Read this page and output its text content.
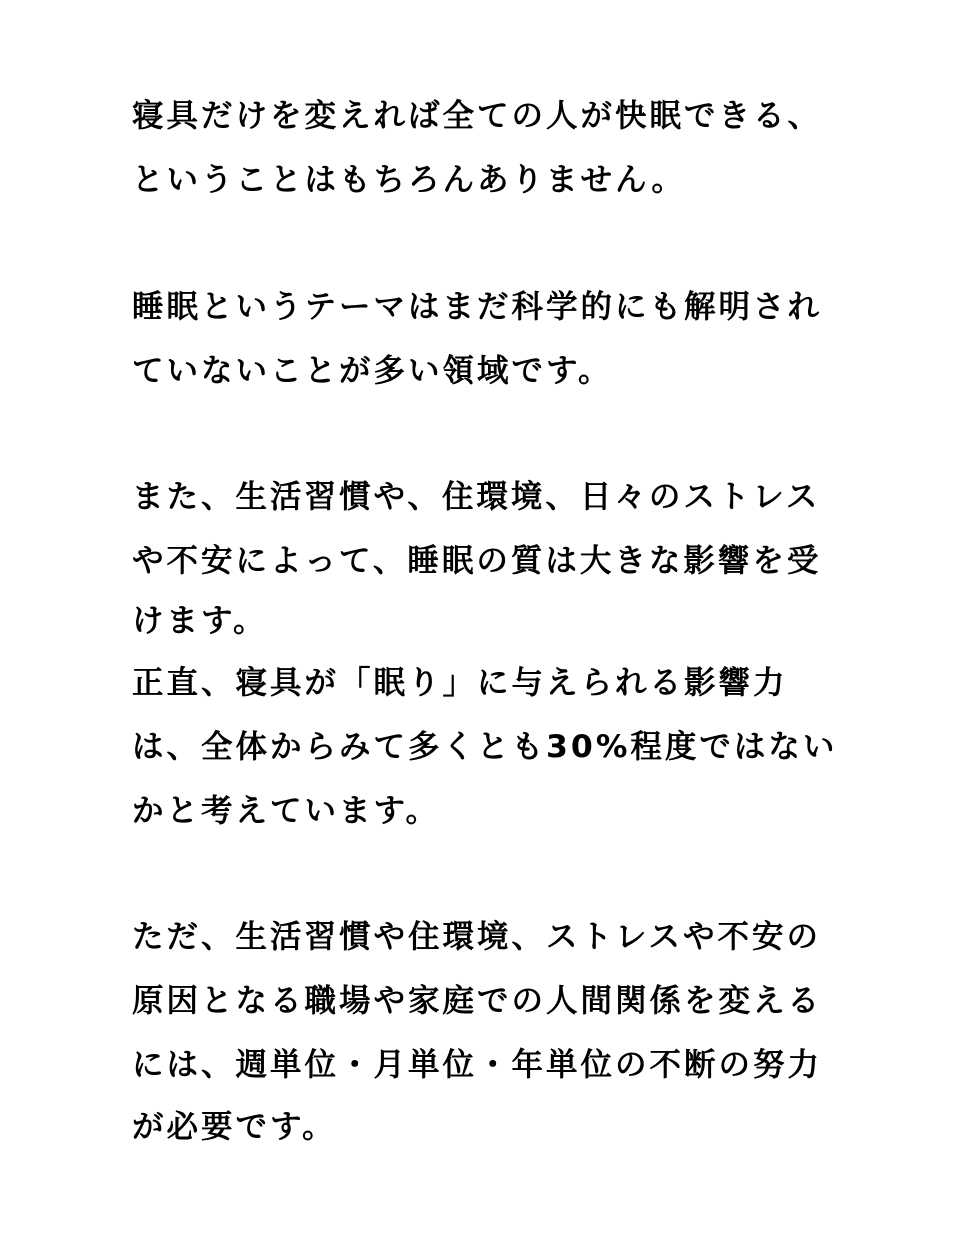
寝具だけを変えれば全ての人が快眠できる、
ということはもちろんありません。
睡眠というテーマはまだ科学的にも解明され
ていないことが多い領域です。
また、生活習慣や、住環境、日々のストレス
や不安によって、睡眠の質は大きな影響を受
けます。
正直、寝具が「眠り」に与えられる影響力
は、全体からみて多くとも30%程度ではない
かと考えています。
ただ、生活習慣や住環境、ストレスや不安の
原因となる職場や家庭での人間関係を変える
には、週単位・月単位・年単位の不断の努力
が必要です。
